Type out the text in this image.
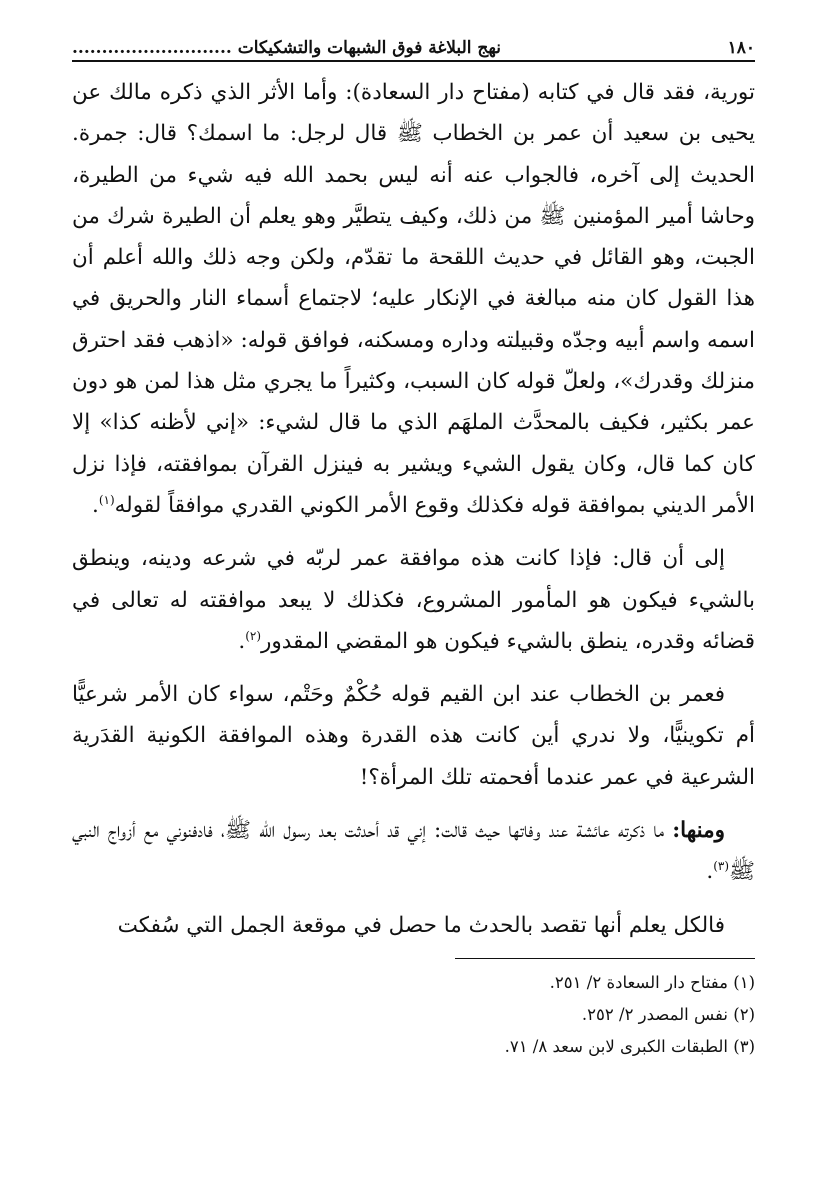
١٨٠
نهج البلاغة فوق الشبهات والتشكيكات ...........................

تورية، فقد قال في كتابه (مفتاح دار السعادة): وأما الأثر الذي ذكره مالك عن يحيى بن سعيد أن عمر بن الخطاب ﷺ قال لرجل: ما اسمك؟ قال: جمرة. الحديث إلى آخره، فالجواب عنه أنه ليس بحمد الله فيه شيء من الطيرة، وحاشا أمير المؤمنين ﷺ من ذلك، وكيف يتطيَّر وهو يعلم أن الطيرة شرك من الجبت، وهو القائل في حديث اللقحة ما تقدّم، ولكن وجه ذلك والله أعلم أن هذا القول كان منه مبالغة في الإنكار عليه؛ لاجتماع أسماء النار والحريق في اسمه واسم أبيه وجدّه وقبيلته وداره ومسكنه، فوافق قوله: «اذهب فقد احترق منزلك وقدرك»، ولعلّ قوله كان السبب، وكثيراً ما يجري مثل هذا لمن هو دون عمر بكثير، فكيف بالمحدَّث الملهَم الذي ما قال لشيء: «إني لأظنه كذا» إلا كان كما قال، وكان يقول الشيء ويشير به فينزل القرآن بموافقته، فإذا نزل الأمر الديني بموافقة قوله فكذلك وقوع الأمر الكوني القدري موافقاً لقوله$^{(١)}$.

إلى أن قال: فإذا كانت هذه موافقة عمر لربّه في شرعه ودينه، وينطق بالشيء فيكون هو المأمور المشروع، فكذلك لا يبعد موافقته له تعالى في قضائه وقدره، ينطق بالشيء فيكون هو المقضي المقدور$^{(٢)}$.

فعمر بن الخطاب عند ابن القيم قوله حُكْمٌ وحَتْم، سواء كان الأمر شرعيًّا أم تكوينيًّا، ولا ندري أين كانت هذه القدرة وهذه الموافقة الكونية القدَرية الشرعية في عمر عندما أفحمته تلك المرأة؟!

ومنها: ما ذكرته عائشة عند وفاتها حيث قالت: إني قد أحدثت بعد رسول الله ﷺ، فادفنوني مع أزواج النبي ﷺ$^{(٣)}$.

فالكل يعلم أنها تقصد بالحدث ما حصل في موقعة الجمل التي سُفكت

(١) مفتاح دار السعادة ٢/ ٢٥١.
(٢) نفس المصدر ٢/ ٢٥٢.
(٣) الطبقات الكبرى لابن سعد ٨/ ٧١.
